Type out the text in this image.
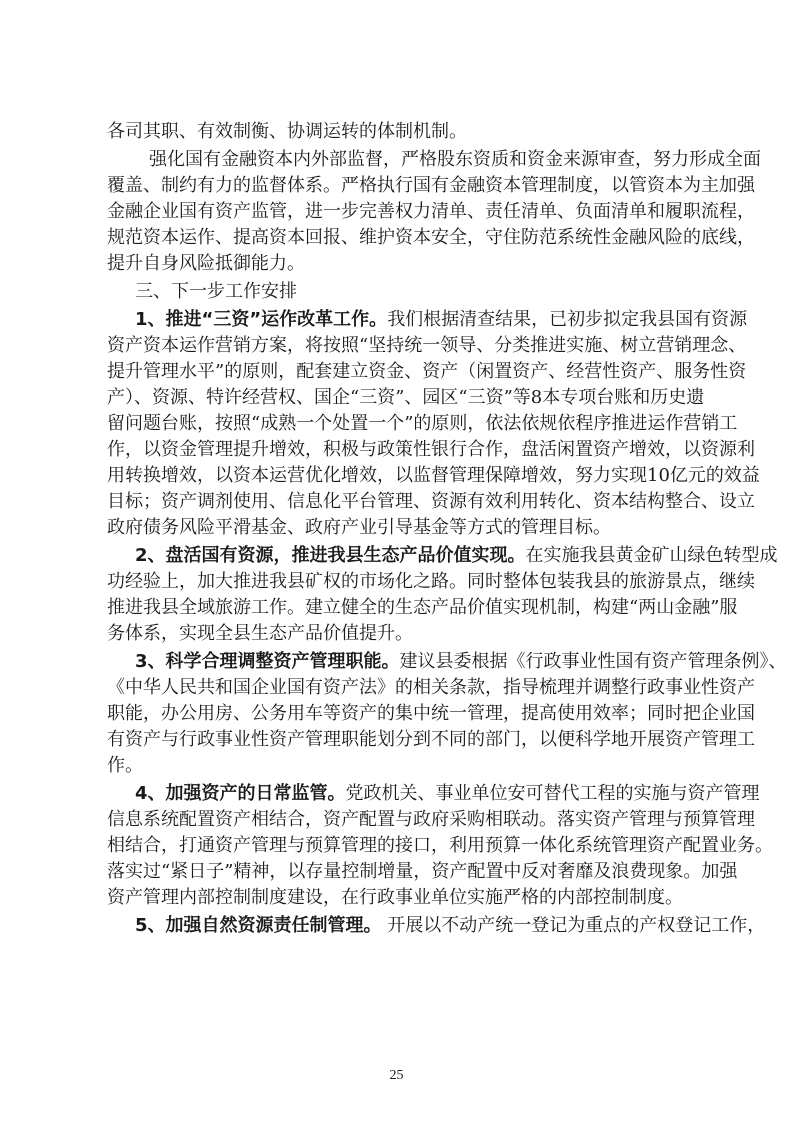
各司其职、有效制衡、协调运转的体制机制。
强化国有金融资本内外部监督，严格股东资质和资金来源审查，努力形成全面
覆盖、制约有力的监督体系。严格执行国有金融资本管理制度，以管资本为主加强
金融企业国有资产监管，进一步完善权力清单、责任清单、负面清单和履职流程，
规范资本运作、提高资本回报、维护资本安全，守住防范系统性金融风险的底线，
提升自身风险抵御能力。
三、下一步工作安排
1、推进“三资”运作改革工作。我们根据清查结果，已初步拟定我县国有资源
资产资本运作营销方案，将按照“坚持统一领导、分类推进实施、树立营销理念、
提升管理水平”的原则，配套建立资金、资产（闲置资产、经营性资产、服务性资
产）、资源、特许经营权、国企“三资”、园区“三资”等8本专项台账和历史遗
留问题台账，按照“成熟一个处置一个”的原则，依法依规依程序推进运作营销工
作，以资金管理提升增效，积极与政策性银行合作，盘活闲置资产增效，以资源利
用转换增效，以资本运营优化增效，以监督管理保障增效，努力实现10亿元的效益
目标；资产调剂使用、信息化平台管理、资源有效利用转化、资本结构整合、设立
政府债务风险平滑基金、政府产业引导基金等方式的管理目标。
2、盘活国有资源，推进我县生态产品价值实现。在实施我县黄金矿山绿色转型成
功经验上，加大推进我县矿权的市场化之路。同时整体包装我县的旅游景点，继续
推进我县全域旅游工作。建立健全的生态产品价值实现机制，构建“两山金融”服
务体系，实现全县生态产品价值提升。
3、科学合理调整资产管理职能。建议县委根据《行政事业性国有资产管理条例》、
《中华人民共和国企业国有资产法》的相关条款，指导梳理并调整行政事业性资产
职能，办公用房、公务用车等资产的集中统一管理，提高使用效率；同时把企业国
有资产与行政事业性资产管理职能划分到不同的部门，以便科学地开展资产管理工
作。
4、加强资产的日常监管。党政机关、事业单位安可替代工程的实施与资产管理
信息系统配置资产相结合，资产配置与政府采购相联动。落实资产管理与预算管理
相结合，打通资产管理与预算管理的接口，利用预算一体化系统管理资产配置业务。
落实过“紧日子”精神，以存量控制增量，资产配置中反对奢靡及浪费现象。加强
资产管理内部控制制度建设，在行政事业单位实施严格的内部控制制度。
5、加强自然资源责任制管理。 开展以不动产统一登记为重点的产权登记工作，
25
